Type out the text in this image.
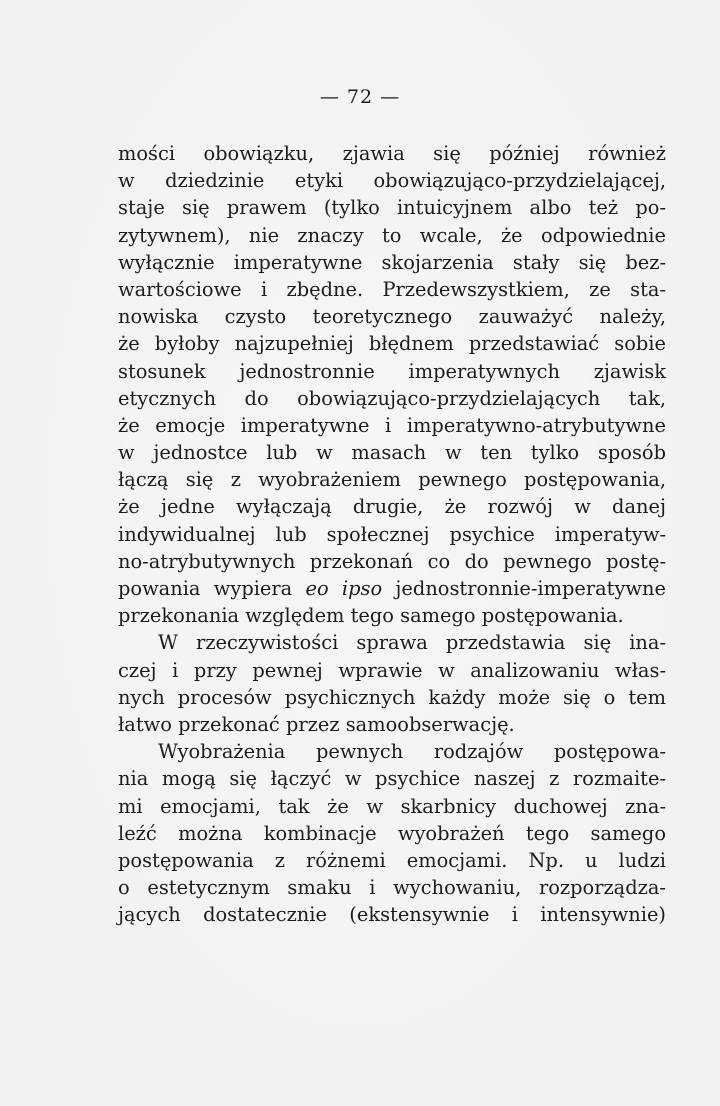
— 72 —
mości obowiązku, zjawia się później również
w dziedzinie etyki obowiązująco-przydzielającej,
staje się prawem (tylko intuicyjnem albo też po-
zytywnem), nie znaczy to wcale, że odpowiednie
wyłącznie imperatywne skojarzenia stały się bez-
wartościowe i zbędne. Przedewszystkiem, ze sta-
nowiska czysto teoretycznego zauważyć należy,
że byłoby najzupełniej błędnem przedstawiać sobie
stosunek jednostronnie imperatywnych zjawisk
etycznych do obowiązująco-przydzielających tak,
że emocje imperatywne i imperatywno-atrybutywne
w jednostce lub w masach w ten tylko sposób
łączą się z wyobrażeniem pewnego postępowania,
że jedne wyłączają drugie, że rozwój w danej
indywidualnej lub społecznej psychice imperatyw-
no-atrybutywnych przekonań co do pewnego postę-
powania wypiera eo ipso jednostronnie-imperatywne
przekonania względem tego samego postępowania.
W rzeczywistości sprawa przedstawia się ina-
czej i przy pewnej wprawie w analizowaniu włas-
nych procesów psychicznych każdy może się o tem
łatwo przekonać przez samoobserwację.
Wyobrażenia pewnych rodzajów postępowa-
nia mogą się łączyć w psychice naszej z rozmaite-
mi emocjami, tak że w skarbnicy duchowej zna-
leźć można kombinacje wyobrażeń tego samego
postępowania z różnemi emocjami. Np. u ludzi
o estetycznym smaku i wychowaniu, rozporządza-
jących dostatecznie (ekstensywnie i intensywnie)
